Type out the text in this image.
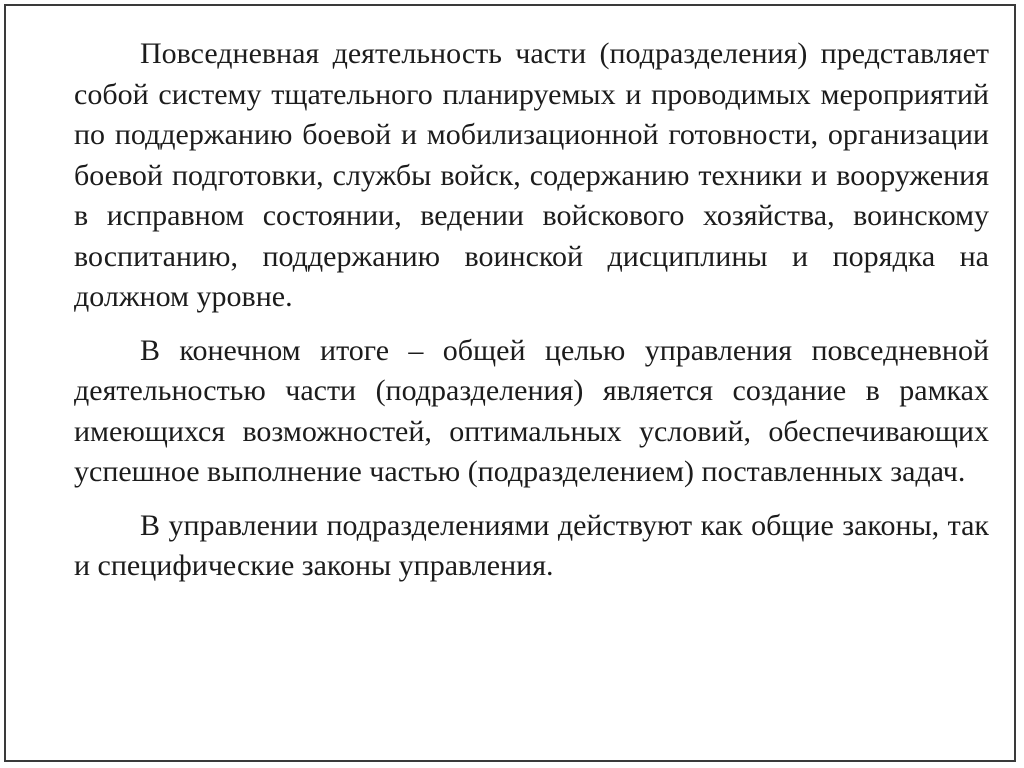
Повседневная деятельность части (подразделения) представляет собой систему тщательного планируемых и проводимых мероприятий по поддержанию боевой и мобилизационной готовности, организации боевой подготовки, службы войск, содержанию техники и вооружения в исправном состоянии, ведении войскового хозяйства, воинскому воспитанию, поддержанию воинской дисциплины и порядка на должном уровне.

В конечном итоге – общей целью управления повседневной деятельностью части (подразделения) является создание в рамках имеющихся возможностей, оптимальных условий, обеспечивающих успешное выполнение частью (подразделением) поставленных задач.

В управлении подразделениями действуют как общие законы, так и специфические законы управления.
